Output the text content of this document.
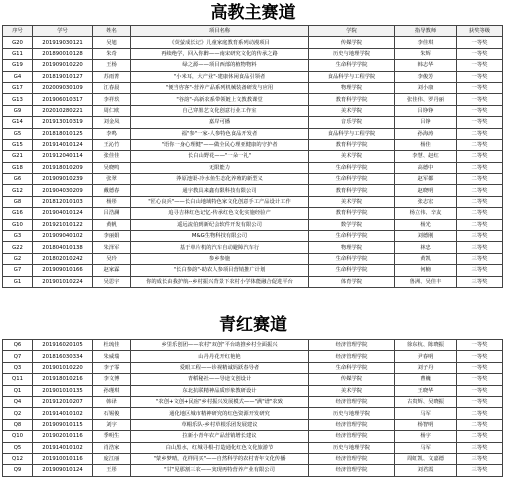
高教主赛道
序号	学号	姓名	项目名称	学院	指导教师	获奖等级
G20	2019190301​21	吴旭	《荧萤成长记》儿童家庭教育系列动漫项目	传媒学院	李佳琪	一等奖
G11	201890010128	朱奇	再续绝学，回入你醉——南宋研究文化的传承之路	历史与地理学院	朱辉	一等奖
G19	201909010220	王杨	绿之源——项目西部的植物物料	生命科学学院	韩志华	一等奖
G4	201819010127	苏雨菁	"小米耳，大产业"-建康休闲食品引领者	食品科学与工程学院	李俊芳	一等奖
G17	202009030109	江春晨	"便当咨客"-营养产品系列机械装备研发与应用	物理学院	刘小康	一等奖
G13	201906010317	李祥玖	"谷韵"-高新农系带领链上文教教课堂	教育科学学院	张佳伟、罗丹丽	一等奖
G9	202010280221	周仁欧	自己穿墨艺文化创意行业工作室	美术学院	吕铮铮	一等奖
G14	201913010319	刘金凤	嘉岸可播	音乐学院	吕铮	一等奖
G5	201818010125	李鸣	福"参"一家-人参特色食品开发者	食品科学与工程学院	孙海涛	二等奖
G15	201914010124	王沁竹	"语你一身心理健"——做全民心理亚健康的守护者	教育科学学院	杨佳	二等奖
G21	201912040114	张佳佳	长白山野花——"一朵一礼"	美术学院	李慧、赵红	二等奖
G18	201918010209	吴晓鸣	无限能力	生命科学学院	高德中	二等奖
G6	201909010239	张翠	莽原池渠-冷水鱼生态化养殖的新型义	生命科学学院	赵军都	二等奖
G12	201904030209	戴德春	通宇教具来鑫有限科技有限公司	教育科学学院	赵晓明	二等奖
G8	201812010103	杨彤	"匠心良兵"——长白山地域特色家文化创意手工产品设计工作	美术学院	张志宏	二等奖
G16	201904010124	吕浩澜	追寻吉林红色记忆-传承红色文化实施经验产	教育科学学院	杨立伟、辛友	二等奖
G10	201921010122	黄帆	遥远流伯到新纪会软件开发有限公司	数学学院	杨光	二等奖
G3	201909040102	李丽娟	M&G生物科技有限公司	生命科学学院	刘德刚	三等奖
G22	201804010138	朱泽军	基于单片机的汽车自动避障汽车行	物理学院	林忠	三等奖
G2	201802010242	吴玲	参乡参施	生命科学学院	黄凯	三等奖
G7	201909010166	赵家霖	"长白参韵"-助农人参项目营销推广计划	生命科学学院	何楠	三等奖
G1	201901010224	吴思宇	你的成长由我护航--乡村振兴背景下农村小学体能融合促进平台	体育学院	鲁洲、吴佳丰	三等奖
青红赛道
Q6	201916020105	杜琉佳	乡里乐创团——农村"双创"平台助推乡村全面振兴	经济管理学院	徐东杭、陈晓振	一等奖
Q7	201816030334	朱威瑞	山丹丹花开红艳艳	经济管理学院	尹春明	一等奖
Q3	201901010220	李子霏	爱眼工程——诊视精诚妈跃春导者	生命科学学院	刘子丹	一等奖
Q11	201918010216	李文博	青稻秘社——导途文创设计	传媒学院	曹巍	一等奖
Q1	201901010135	孙瑾琪	东北抗联精神品质形象教研设计	美术学院	王晓华	一等奖
Q4	201912010207	韩译	"农创+文创+民宿"乡村振兴发展模式——"满"谱"农致	经济管理学院	古贵辉、吴晓振	一等奖
Q2	201914010102	石锡俊	通化地区城市精神研究的红色资源开发研究	历史与地理学院	马军	二等奖
Q8	201909010115	刘宇	草帽乐队-乡村草根乐团发展建议	经济管理学院	杨智明	二等奖
Q10	201902010116	季明生	拉新小青年农产品营销增长建议	经济管理学院	杨宇	二等奖
Q5	201914010102	肖浩家	白山黑水，红城寻根-打造通化红色文化旅游节	历史与地理学院	马军	三等奖
Q12	201910010116	庞江丽	"蒙乡梦晴，花样同买"——自然科学的农村青年文化传播	经济管理学院	周虹凯、文嘉德	三等奖
Q9	201909010124	王彤	"甘"见那割三农——実现再特营养产业有限公司	经济管理学院	刘君霞	三等奖
